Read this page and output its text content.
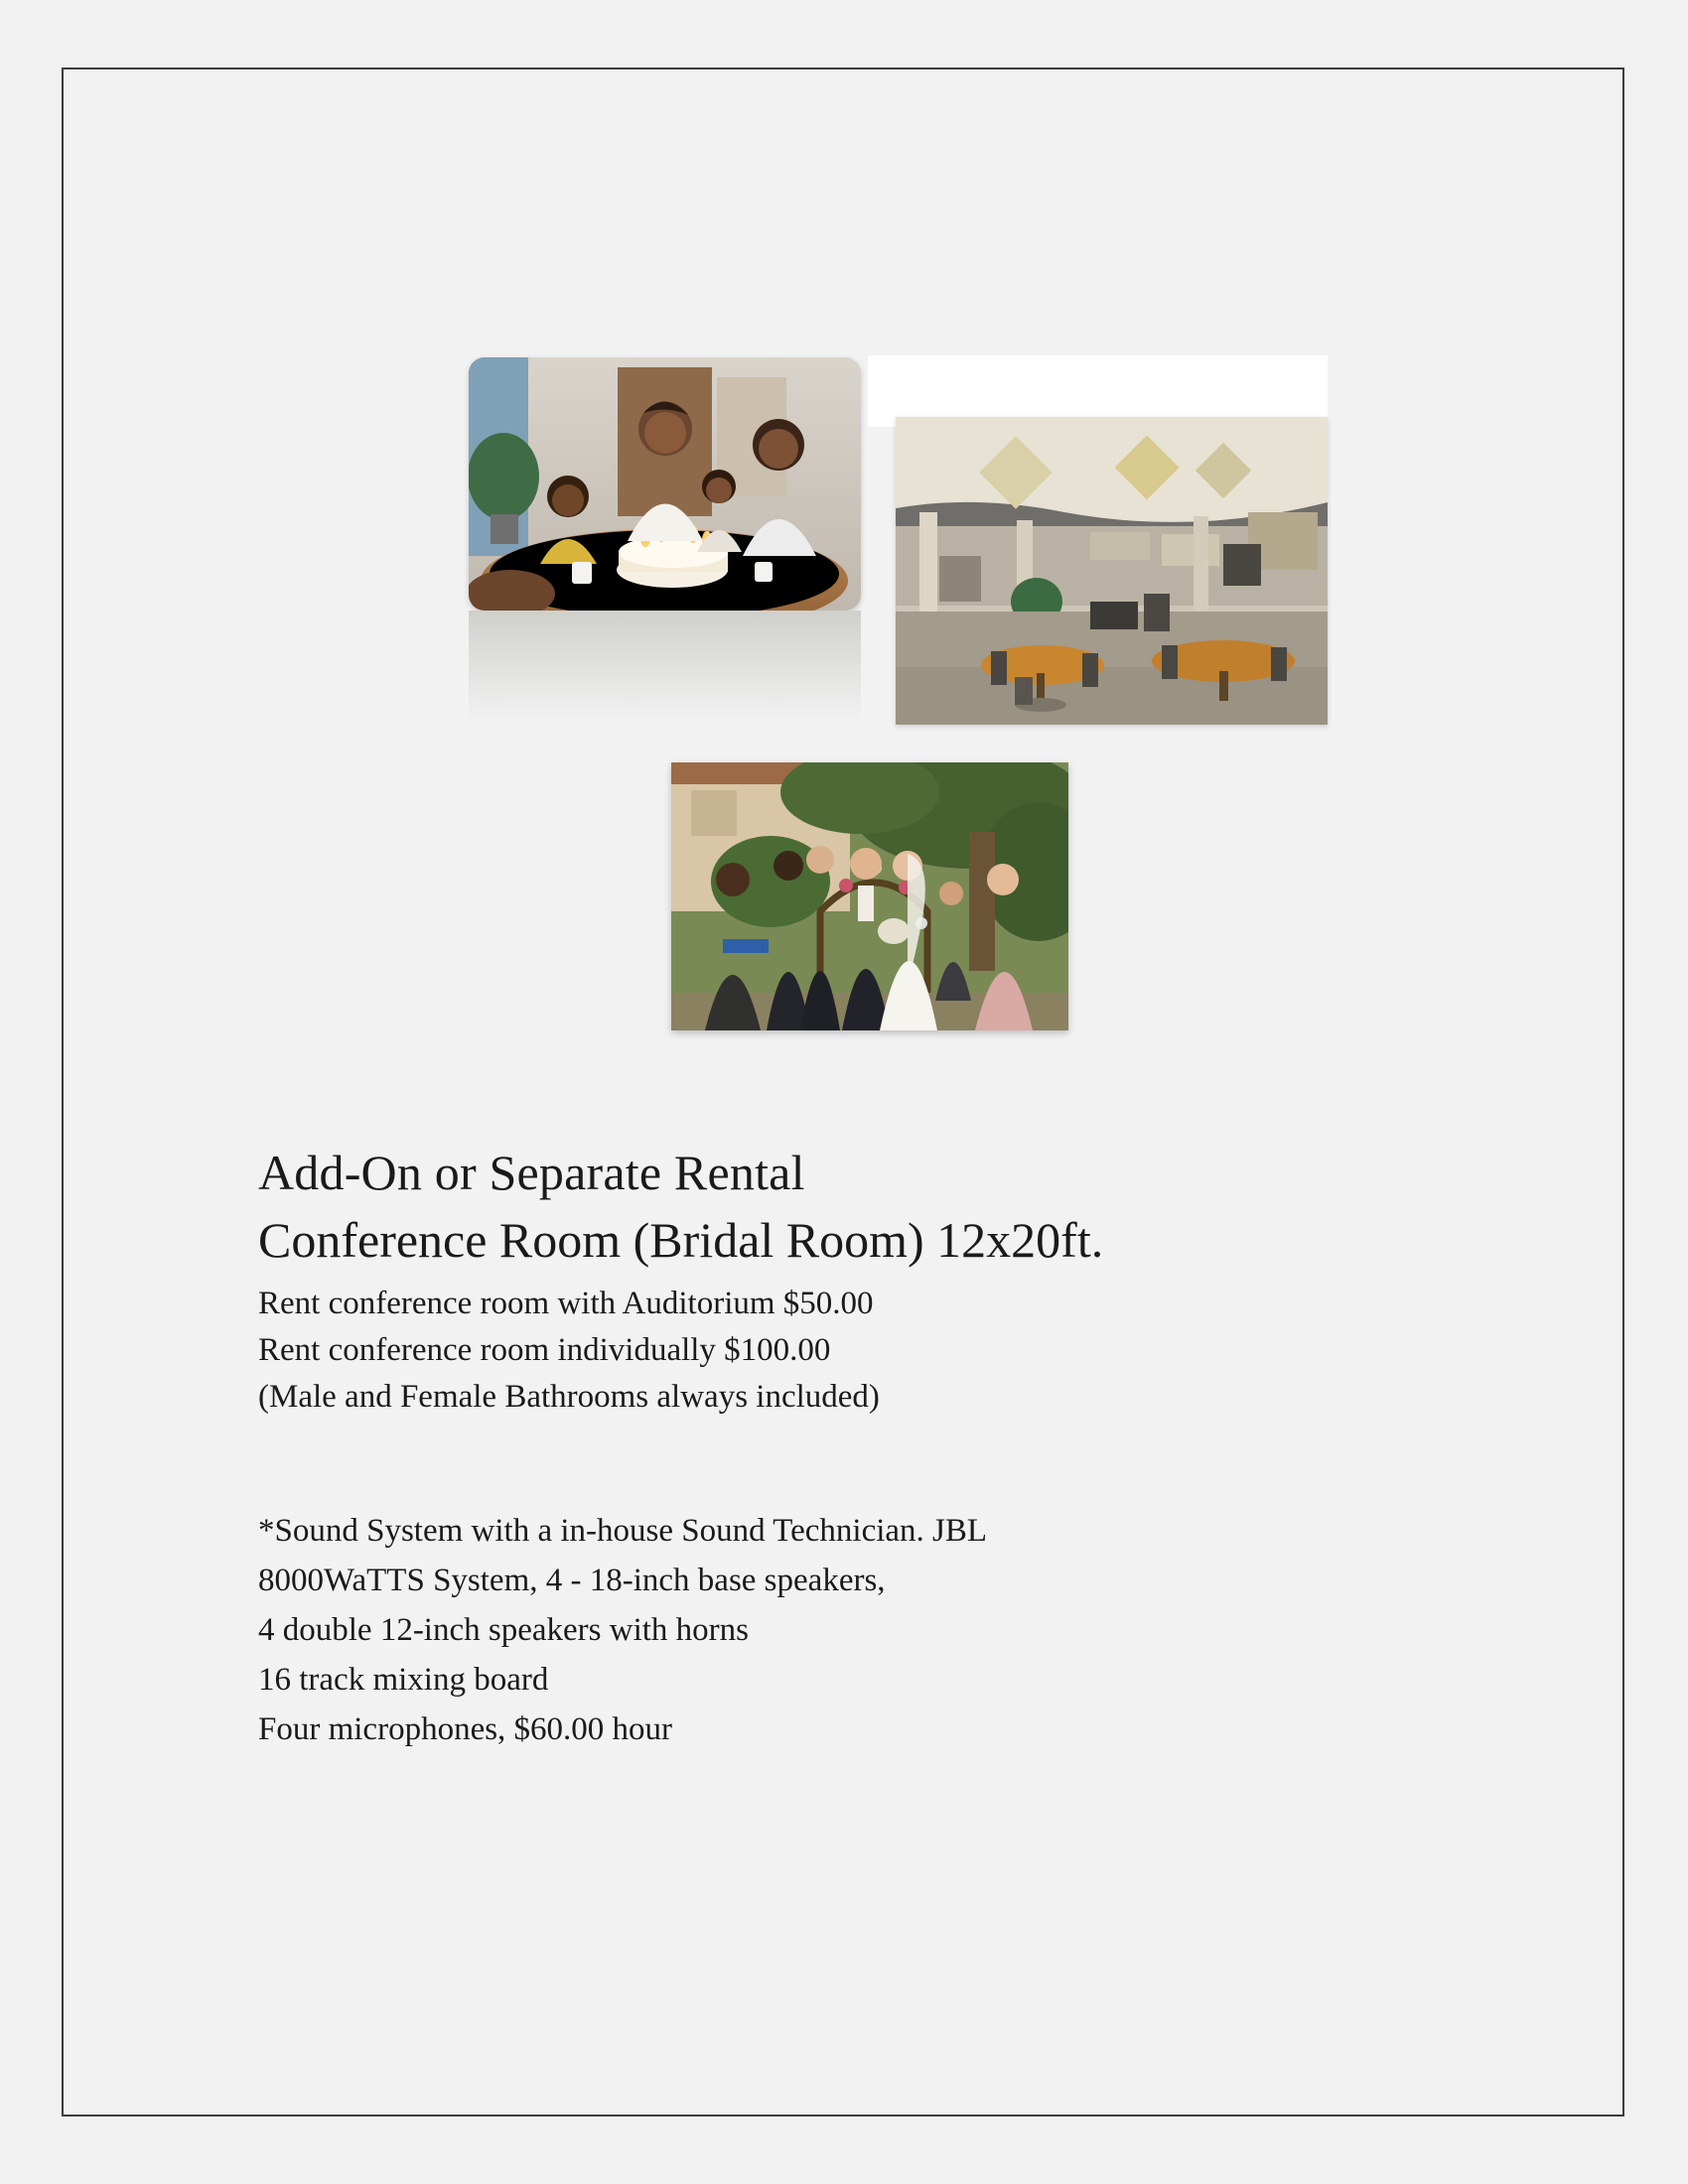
Add-On or Separate Rental

Conference Room (Bridal Room) 12x20ft.

Rent conference room with Auditorium $50.00

Rent conference room individually $100.00

(Male and Female Bathrooms always included)

*Sound System with a in-house Sound Technician. JBL

8000WaTTS System, 4 - 18-inch base speakers,

4 double 12-inch speakers with horns

16 track mixing board

Four microphones, $60.00 hour
